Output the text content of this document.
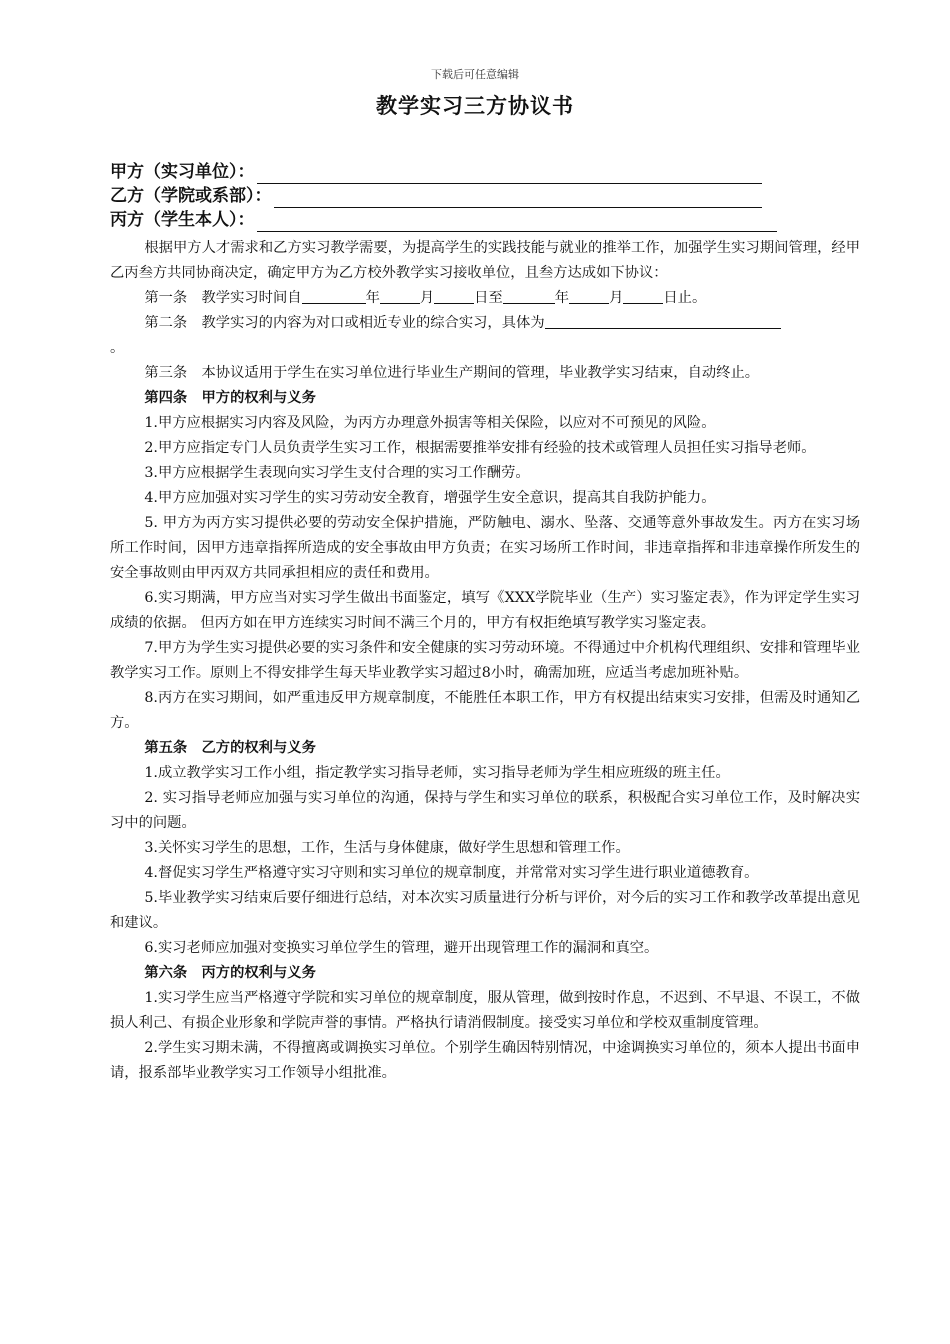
下载后可任意编辑
教学实习三方协议书
甲方（实习单位）：
乙方（学院或系部）：
丙方（学生本人）：

根据甲方人才需求和乙方实习教学需要，为提高学生的实践技能与就业的推举工作，加强学生实习期间管理，经甲乙丙叁方共同协商决定，确定甲方为乙方校外教学实习接收单位，且叁方达成如下协议：

第一条　教学实习时间自	年	月	日至	年	月	日止。

第二条　教学实习的内容为对口或相近专业的综合实习，具体为

。

第三条　本协议适用于学生在实习单位进行毕业生产期间的管理，毕业教学实习结束，自动终止。

第四条　甲方的权利与义务

1.甲方应根据实习内容及风险，为丙方办理意外损害等相关保险，以应对不可预见的风险。

2.甲方应指定专门人员负责学生实习工作，根据需要推举安排有经验的技术或管理人员担任实习指导老师。

3.甲方应根据学生表现向实习学生支付合理的实习工作酬劳。

4.甲方应加强对实习学生的实习劳动安全教育，增强学生安全意识，提高其自我防护能力。

5. 甲方为丙方实习提供必要的劳动安全保护措施，严防触电、溺水、坠落、交通等意外事故发生。丙方在实习场所工作时间，因甲方违章指挥所造成的安全事故由甲方负责；在实习场所工作时间，非违章指挥和非违章操作所发生的安全事故则由甲丙双方共同承担相应的责任和费用。

6.实习期满，甲方应当对实习学生做出书面鉴定，填写《XXX学院毕业（生产）实习鉴定表》，作为评定学生实习成绩的依据。 但丙方如在甲方连续实习时间不满三个月的，甲方有权拒绝填写教学实习鉴定表。

7.甲方为学生实习提供必要的实习条件和安全健康的实习劳动环境。不得通过中介机构代理组织、安排和管理毕业教学实习工作。原则上不得安排学生每天毕业教学实习超过8小时，确需加班，应适当考虑加班补贴。

8.丙方在实习期间，如严重违反甲方规章制度，不能胜任本职工作，甲方有权提出结束实习安排，但需及时通知乙方。

第五条　乙方的权利与义务

1.成立教学实习工作小组，指定教学实习指导老师，实习指导老师为学生相应班级的班主任。

2. 实习指导老师应加强与实习单位的沟通，保持与学生和实习单位的联系，积极配合实习单位工作，及时解决实习中的问题。

3.关怀实习学生的思想，工作，生活与身体健康，做好学生思想和管理工作。

4.督促实习学生严格遵守实习守则和实习单位的规章制度，并常常对实习学生进行职业道德教育。

5.毕业教学实习结束后要仔细进行总结，对本次实习质量进行分析与评价，对今后的实习工作和教学改革提出意见和建议。

6.实习老师应加强对变换实习单位学生的管理，避开出现管理工作的漏洞和真空。

第六条　丙方的权利与义务

1.实习学生应当严格遵守学院和实习单位的规章制度，服从管理，做到按时作息，不迟到、不早退、不误工，不做损人利己、有损企业形象和学院声誉的事情。严格执行请消假制度。接受实习单位和学校双重制度管理。

2.学生实习期未满，不得擅离或调换实习单位。个别学生确因特别情况，中途调换实习单位的，须本人提出书面申请，报系部毕业教学实习工作领导小组批准。
